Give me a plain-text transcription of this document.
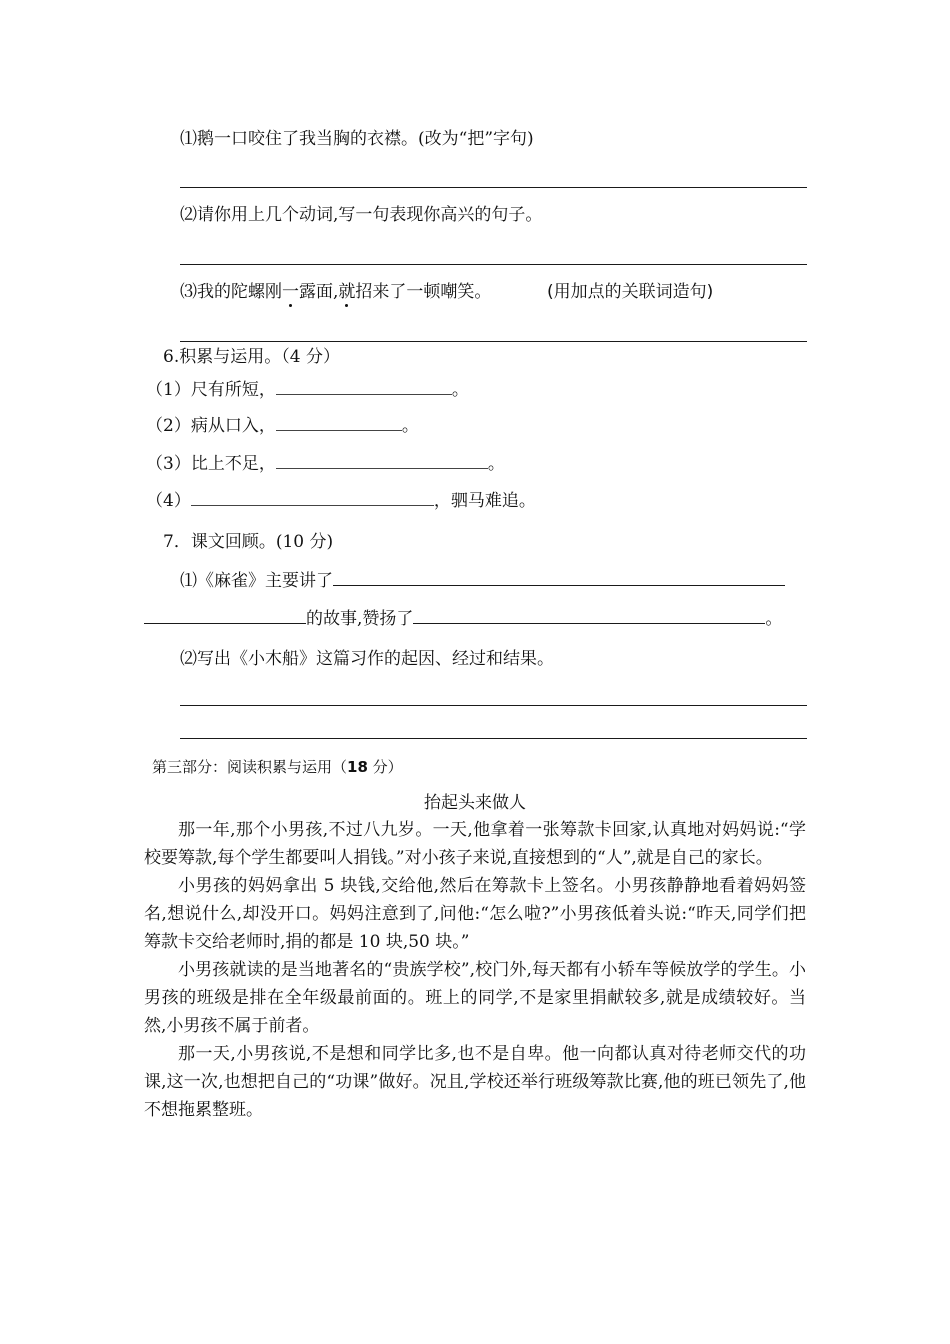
⑴鹅一口咬住了我当胸的衣襟。(改为“把”字句)
⑵请你用上几个动词,写一句表现你高兴的句子。
⑶我的陀螺刚一露面,就招来了一顿嘲笑。	(用加点的关联词造句)
6.积累与运用。（4 分）
（1）尺有所短，	。
（2）病从口入，	。
（3）比上不足，	。
（4）	，驷马难追。
7．课文回顾。(10 分)
⑴《麻雀》主要讲了
的故事,赞扬了	。
⑵写出《小木船》这篇习作的起因、经过和结果。
第三部分：阅读积累与运用（18 分）
抬起头来做人

那一年,那个小男孩,不过八九岁。一天,他拿着一张筹款卡回家,认真地对妈妈说:“学校要筹款,每个学生都要叫人捐钱。”对小孩子来说,直接想到的“人”,就是自己的家长。

小男孩的妈妈拿出 5 块钱,交给他,然后在筹款卡上签名。小男孩静静地看着妈妈签名,想说什么,却没开口。妈妈注意到了,问他:“怎么啦?”小男孩低着头说:“昨天,同学们把筹款卡交给老师时,捐的都是 10 块,50 块。”

小男孩就读的是当地著名的“贵族学校”,校门外,每天都有小轿车等候放学的学生。小男孩的班级是排在全年级最前面的。班上的同学,不是家里捐献较多,就是成绩较好。当然,小男孩不属于前者。

那一天,小男孩说,不是想和同学比多,也不是自卑。他一向都认真对待老师交代的功课,这一次,也想把自己的“功课”做好。况且,学校还举行班级筹款比赛,他的班已领先了,他不想拖累整班。
